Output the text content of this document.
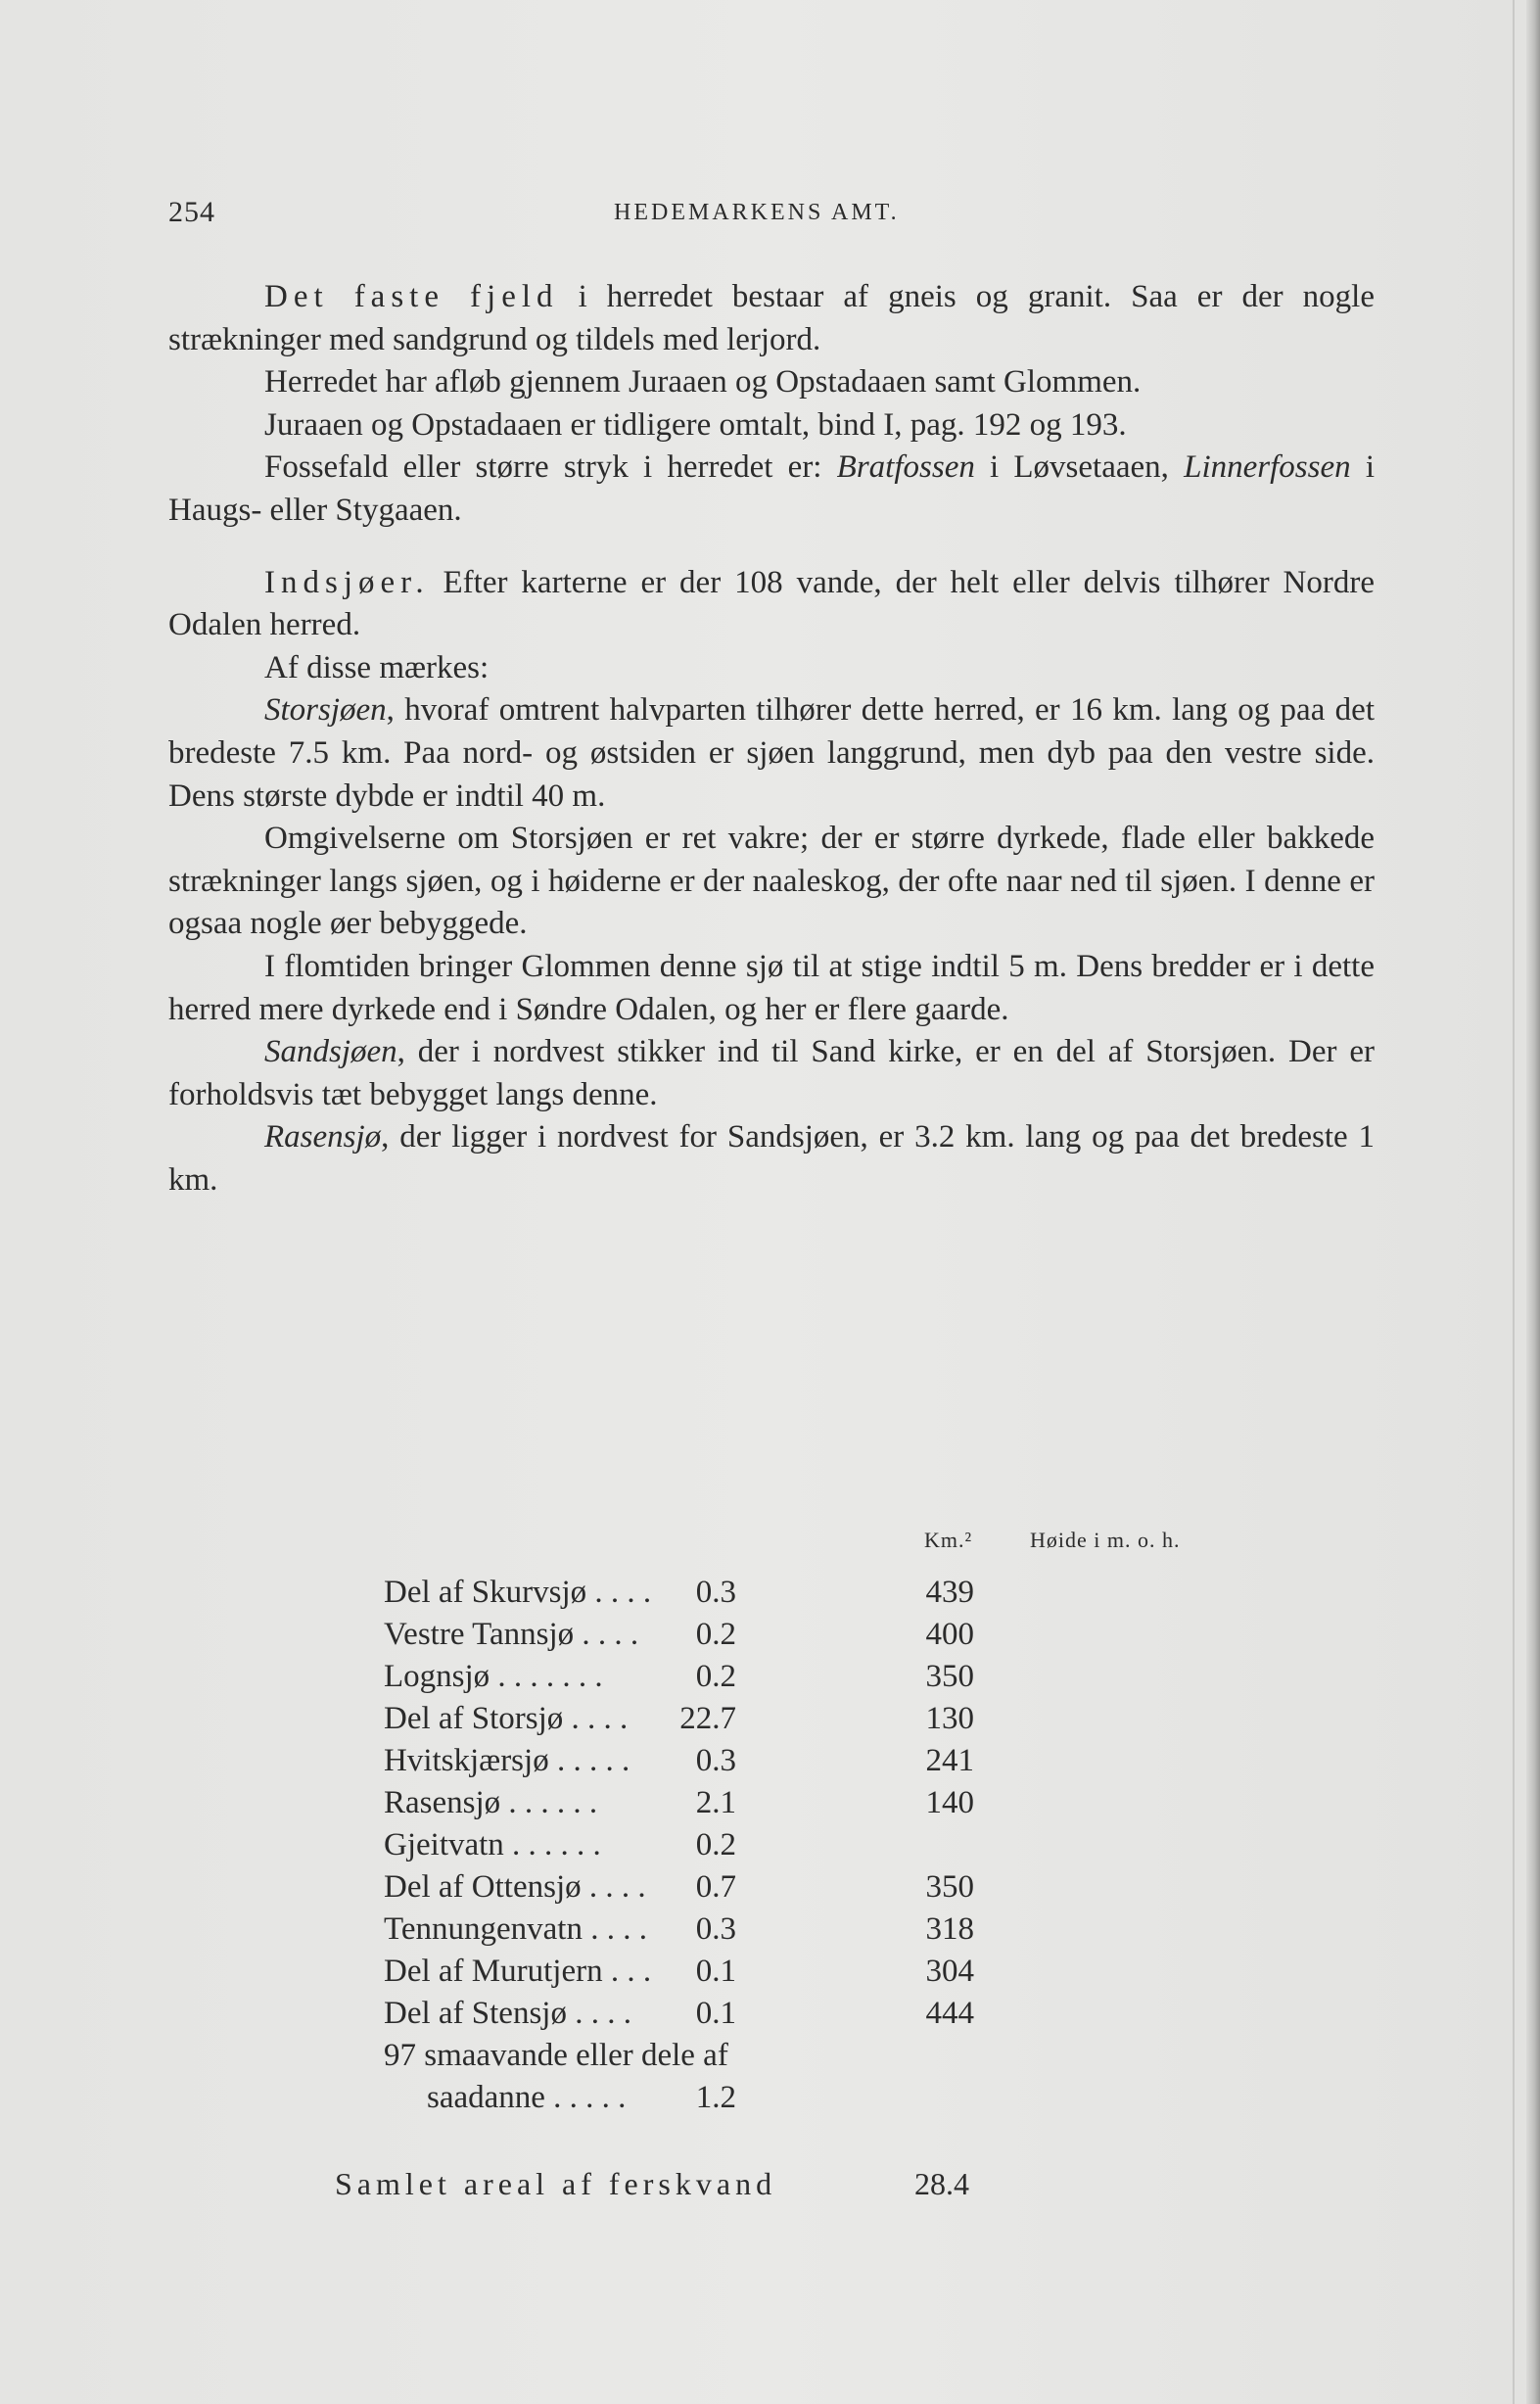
254	HEDEMARKENS AMT.

Det faste fjeld i herredet bestaar af gneis og granit. Saa er der nogle strækninger med sandgrund og tildels med lerjord.

Herredet har afløb gjennem Juraaen og Opstadaaen samt Glommen.

Juraaen og Opstadaaen er tidligere omtalt, bind I, pag. 192 og 193.

Fossefald eller større stryk i herredet er: Bratfossen i Løvsetaaen, Linnerfossen i Haugs- eller Stygaaen.

Indsjøer. Efter karterne er der 108 vande, der helt eller delvis tilhører Nordre Odalen herred.

Af disse mærkes:

Storsjøen, hvoraf omtrent halvparten tilhører dette herred, er 16 km. lang og paa det bredeste 7.5 km. Paa nord- og østsiden er sjøen langgrund, men dyb paa den vestre side. Dens største dybde er indtil 40 m.

Omgivelserne om Storsjøen er ret vakre; der er større dyrkede, flade eller bakkede strækninger langs sjøen, og i høiderne er der naaleskog, der ofte naar ned til sjøen. I denne er ogsaa nogle øer bebyggede.

I flomtiden bringer Glommen denne sjø til at stige indtil 5 m. Dens bredder er i dette herred mere dyrkede end i Søndre Odalen, og her er flere gaarde.

Sandsjøen, der i nordvest stikker ind til Sand kirke, er en del af Storsjøen. Der er forholdsvis tæt bebygget langs denne.

Rasensjø, der ligger i nordvest for Sandsjøen, er 3.2 km. lang og paa det bredeste 1 km.

Km.²	Høide i m. o. h.
Del af Skurvsjø . . . . 0.3	439
Vestre Tannsjø . . . . 0.2	400
Lognsjø . . . . . . .	0.2	350
Del af Storsjø . . . . 22.7	130
Hvitskjærsjø . . . . . 0.3	241
Rasensjø . . . . . .	2.1	140
Gjeitvatn . . . . . .	0.2
Del af Ottensjø . . . . 0.7	350
Tennungenvatn . . . . 0.3	318
Del af Murutjern . . . 0.1	304
Del af Stensjø . . . . 0.1	444
97 smaavande eller dele af
saadanne . . . . . 1.2
Samlet areal af ferskvand	28.4
